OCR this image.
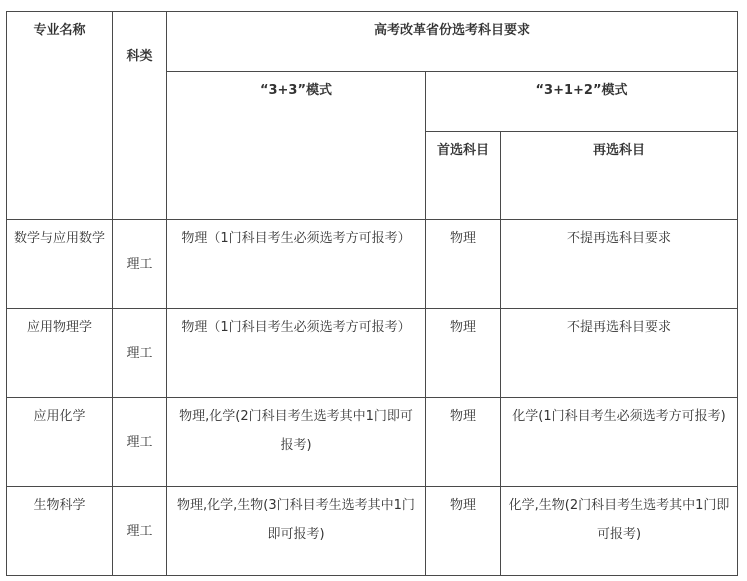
专业名称	科类	高考改革省份选考科目要求		
		“3+3”模式	“3+1+2”模式	
			首选科目	再选科目
数学与应用数学	理工	物理（1门科目考生必须选考方可报考）	物理	不提再选科目要求
应用物理学	理工	物理（1门科目考生必须选考方可报考）	物理	不提再选科目要求
应用化学	理工	物理,化学(2门科目考生选考其中1门即可报考)	物理	化学(1门科目考生必须选考方可报考)
生物科学	理工	物理,化学,生物(3门科目考生选考其中1门即可报考)	物理	化学,生物(2门科目考生选考其中1门即可报考)
